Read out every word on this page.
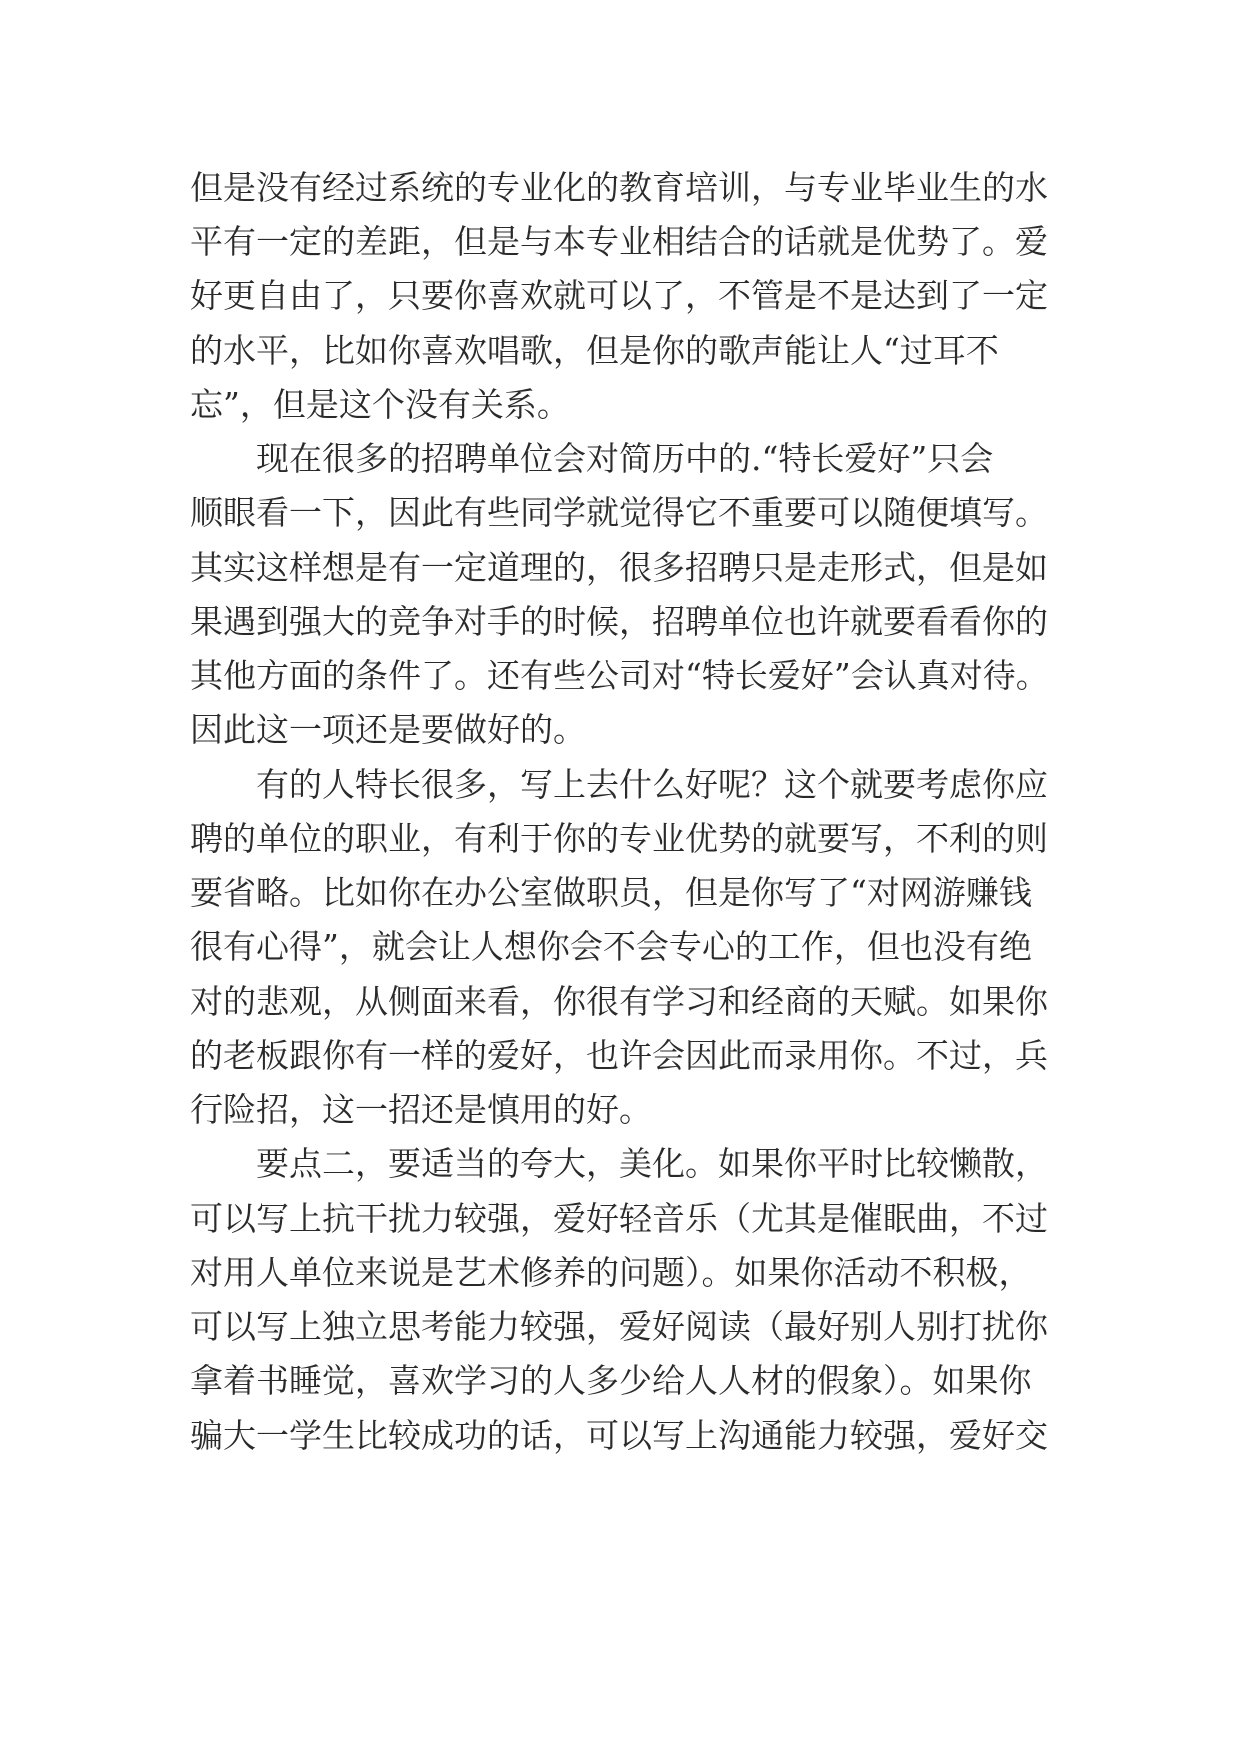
但是没有经过系统的专业化的教育培训，与专业毕业生的水
平有一定的差距，但是与本专业相结合的话就是优势了。爱
好更自由了，只要你喜欢就可以了，不管是不是达到了一定
的水平，比如你喜欢唱歌，但是你的歌声能让人“过耳不
忘”，但是这个没有关系。
　　现在很多的招聘单位会对简历中的.“特长爱好”只会
顺眼看一下，因此有些同学就觉得它不重要可以随便填写。
其实这样想是有一定道理的，很多招聘只是走形式，但是如
果遇到强大的竞争对手的时候，招聘单位也许就要看看你的
其他方面的条件了。还有些公司对“特长爱好”会认真对待。
因此这一项还是要做好的。
　　有的人特长很多，写上去什么好呢？这个就要考虑你应
聘的单位的职业，有利于你的专业优势的就要写，不利的则
要省略。比如你在办公室做职员，但是你写了“对网游赚钱
很有心得”，就会让人想你会不会专心的工作，但也没有绝
对的悲观，从侧面来看，你很有学习和经商的天赋。如果你
的老板跟你有一样的爱好，也许会因此而录用你。不过，兵
行险招，这一招还是慎用的好。
　　要点二，要适当的夸大，美化。如果你平时比较懒散，
可以写上抗干扰力较强，爱好轻音乐（尤其是催眠曲，不过
对用人单位来说是艺术修养的问题）。如果你活动不积极，
可以写上独立思考能力较强，爱好阅读（最好别人别打扰你
拿着书睡觉，喜欢学习的人多少给人人材的假象）。如果你
骗大一学生比较成功的话，可以写上沟通能力较强，爱好交
